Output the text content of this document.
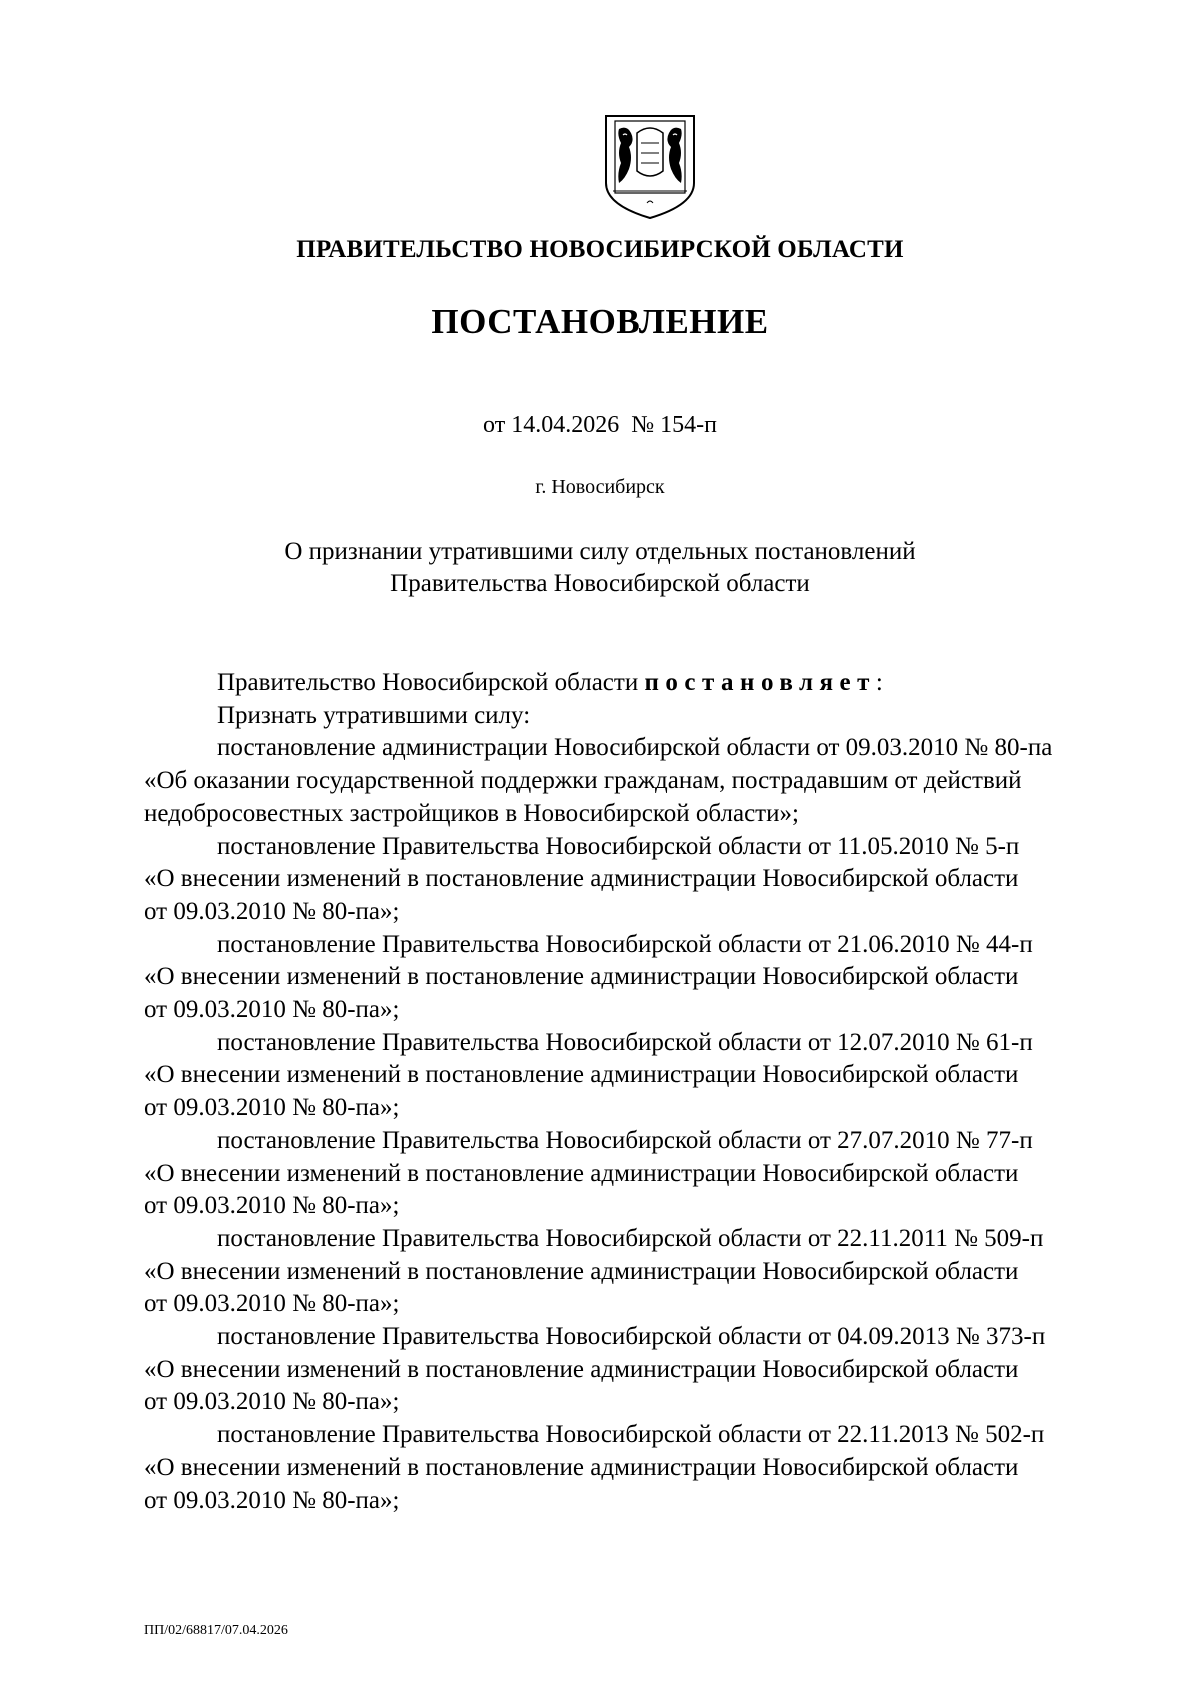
ПРАВИТЕЛЬСТВО НОВОСИБИРСКОЙ ОБЛАСТИ
ПОСТАНОВЛЕНИЕ
от 14.04.2026  № 154-п
г. Новосибирск
О признании утратившими силу отдельных постановлений
Правительства Новосибирской области
Правительство Новосибирской области постановляет:
Признать утратившими силу:
постановление администрации Новосибирской области от 09.03.2010 № 80-па
«Об оказании государственной поддержки гражданам, пострадавшим от действий
недобросовестных застройщиков в Новосибирской области»;
постановление Правительства Новосибирской области от 11.05.2010 № 5-п
«О внесении изменений в постановление администрации Новосибирской области
от 09.03.2010 № 80-па»;
постановление Правительства Новосибирской области от 21.06.2010 № 44-п
«О внесении изменений в постановление администрации Новосибирской области
от 09.03.2010 № 80-па»;
постановление Правительства Новосибирской области от 12.07.2010 № 61-п
«О внесении изменений в постановление администрации Новосибирской области
от 09.03.2010 № 80-па»;
постановление Правительства Новосибирской области от 27.07.2010 № 77-п
«О внесении изменений в постановление администрации Новосибирской области
от 09.03.2010 № 80-па»;
постановление Правительства Новосибирской области от 22.11.2011 № 509-п
«О внесении изменений в постановление администрации Новосибирской области
от 09.03.2010 № 80-па»;
постановление Правительства Новосибирской области от 04.09.2013 № 373-п
«О внесении изменений в постановление администрации Новосибирской области
от 09.03.2010 № 80-па»;
постановление Правительства Новосибирской области от 22.11.2013 № 502-п
«О внесении изменений в постановление администрации Новосибирской области
от 09.03.2010 № 80-па»;
ПП/02/68817/07.04.2026
